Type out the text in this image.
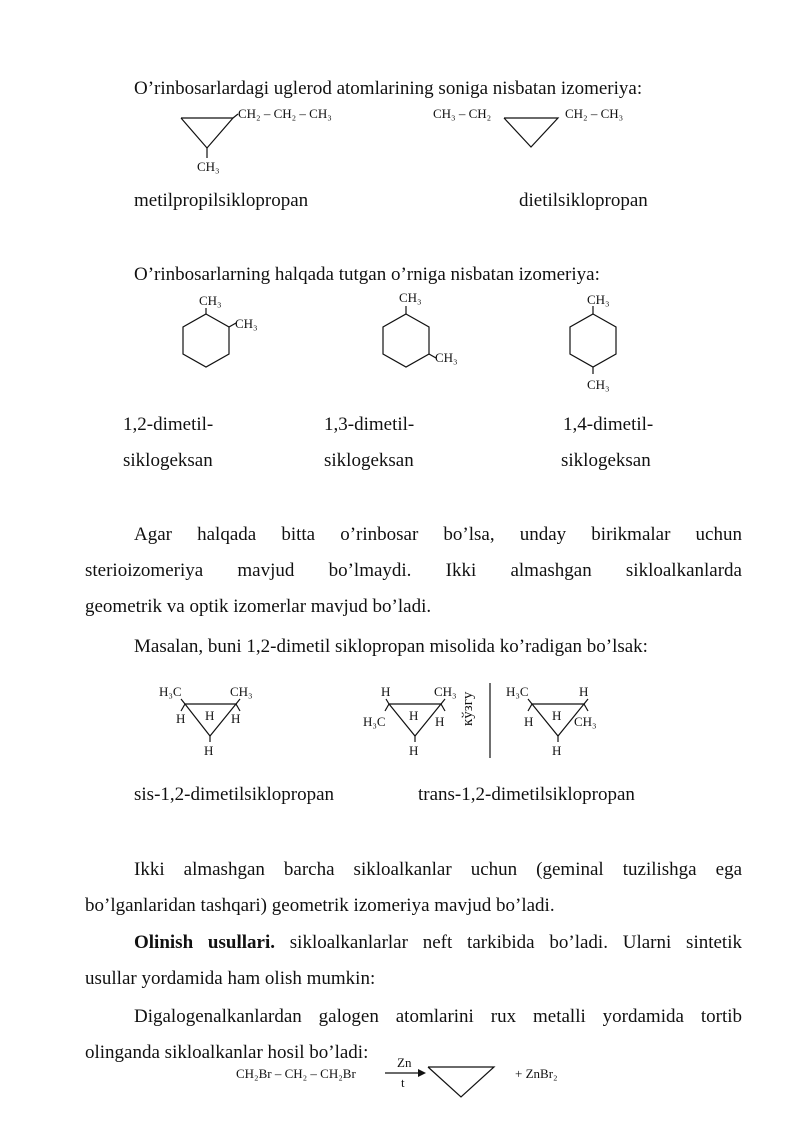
O’rinbosarlardagi uglerod atomlarining soniga nisbatan izomeriya:
CH₂ – CH₂ – CH₃
CH₃
metilpropilsiklopropan
CH₃ – CH₂	CH₂ – CH₃
dietilsiklopropan
O’rinbosarlarning halqada tutgan o’rniga nisbatan izomeriya:
CH₃
CH₃
CH₃
CH₃
CH₃
CH₃
1,2-dimetil-
siklogeksan
1,3-dimetil-
siklogeksan
1,4-dimetil-
siklogeksan
Agar halqada bitta o’rinbosar bo’lsa, unday birikmalar uchun
sterioizomeriya mavjud bo’lmaydi. Ikki almashgan sikloalkanlarda
geometrik va optik izomerlar mavjud bo’ladi.
Masalan, buni 1,2-dimetil siklopropan misolida ko’radigan bo’lsak:
H₃C	CH₃
H H H
H
sis-1,2-dimetilsiklopropan
H	CH₃
H₃C H H
H
кўзгу
H₃C	H
H H CH₃
H
trans-1,2-dimetilsiklopropan
Ikki almashgan barcha sikloalkanlar uchun (geminal tuzilishga ega
bo’lganlaridan tashqari) geometrik izomeriya mavjud bo’ladi.
Olinish usullari. sikloalkanlarlar neft tarkibida bo’ladi. Ularni sintetik
usullar yordamida ham olish mumkin:
Digalogenalkanlardan galogen atomlarini rux metalli yordamida tortib
olinganda sikloalkanlar hosil bo’ladi:
CH₂Br – CH₂ – CH₂Br
Zn
t
+ ZnBr₂
